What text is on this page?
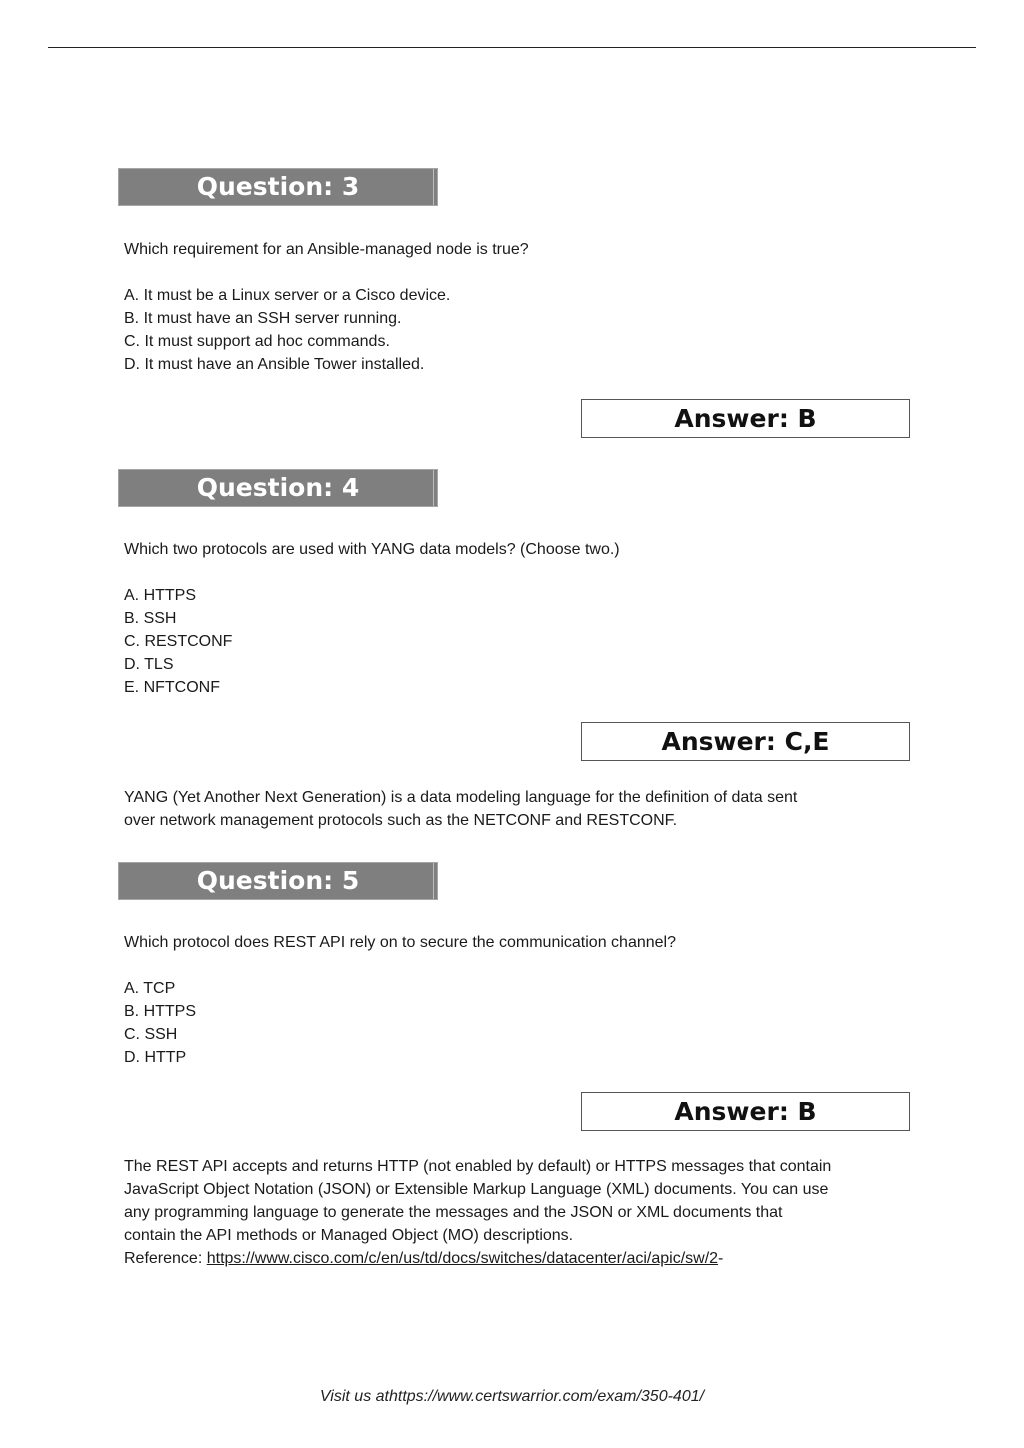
Question: 3
Which requirement for an Ansible-managed node is true?
A. It must be a Linux server or a Cisco device.
B. It must have an SSH server running.
C. It must support ad hoc commands.
D. It must have an Ansible Tower installed.
Answer: B
Question: 4
Which two protocols are used with YANG data models? (Choose two.)
A. HTTPS
B. SSH
C. RESTCONF
D. TLS
E. NFTCONF
Answer: C,E
YANG (Yet Another Next Generation) is a data modeling language for the definition of data sent
over network management protocols such as the NETCONF and RESTCONF.
Question: 5
Which protocol does REST API rely on to secure the communication channel?
A. TCP
B. HTTPS
C. SSH
D. HTTP
Answer: B
The REST API accepts and returns HTTP (not enabled by default) or HTTPS messages that contain
JavaScript Object Notation (JSON) or Extensible Markup Language (XML) documents. You can use
any programming language to generate the messages and the JSON or XML documents that
contain the API methods or Managed Object (MO) descriptions.
Reference: https://www.cisco.com/c/en/us/td/docs/switches/datacenter/aci/apic/sw/2-
Visit us athttps://www.certswarrior.com/exam/350-401/
